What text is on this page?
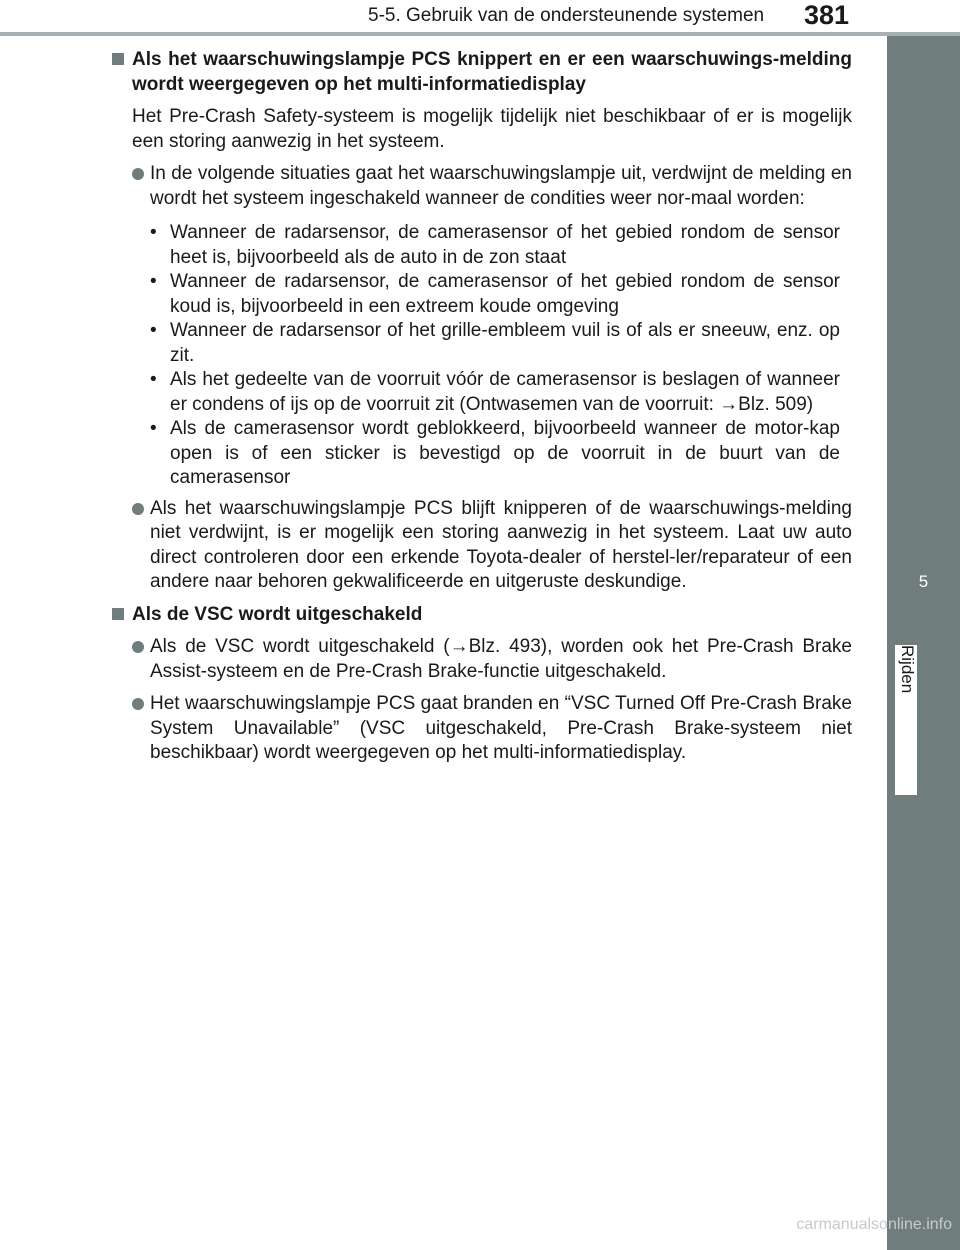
5-5. Gebruik van de ondersteunende systemen	381
5
Rijden
Als het waarschuwingslampje PCS knippert en er een waarschuwings-melding wordt weergegeven op het multi-informatiedisplay
Het Pre-Crash Safety-systeem is mogelijk tijdelijk niet beschikbaar of er is mogelijk een storing aanwezig in het systeem.
In de volgende situaties gaat het waarschuwingslampje uit, verdwijnt de melding en wordt het systeem ingeschakeld wanneer de condities weer nor-maal worden:
• Wanneer de radarsensor, de camerasensor of het gebied rondom de sensor heet is, bijvoorbeeld als de auto in de zon staat
• Wanneer de radarsensor, de camerasensor of het gebied rondom de sensor koud is, bijvoorbeeld in een extreem koude omgeving
• Wanneer de radarsensor of het grille-embleem vuil is of als er sneeuw, enz. op zit.
• Als het gedeelte van de voorruit vóór de camerasensor is beslagen of wanneer er condens of ijs op de voorruit zit (Ontwasemen van de voorruit: →Blz. 509)
• Als de camerasensor wordt geblokkeerd, bijvoorbeeld wanneer de motor-kap open is of een sticker is bevestigd op de voorruit in de buurt van de camerasensor
Als het waarschuwingslampje PCS blijft knipperen of de waarschuwings-melding niet verdwijnt, is er mogelijk een storing aanwezig in het systeem. Laat uw auto direct controleren door een erkende Toyota-dealer of herstel-ler/reparateur of een andere naar behoren gekwalificeerde en uitgeruste deskundige.
Als de VSC wordt uitgeschakeld
Als de VSC wordt uitgeschakeld (→Blz. 493), worden ook het Pre-Crash Brake Assist-systeem en de Pre-Crash Brake-functie uitgeschakeld.
Het waarschuwingslampje PCS gaat branden en “VSC Turned Off Pre-Crash Brake System Unavailable” (VSC uitgeschakeld, Pre-Crash Brake-systeem niet beschikbaar) wordt weergegeven op het multi-informatiedisplay.
carmanualsonline.info
